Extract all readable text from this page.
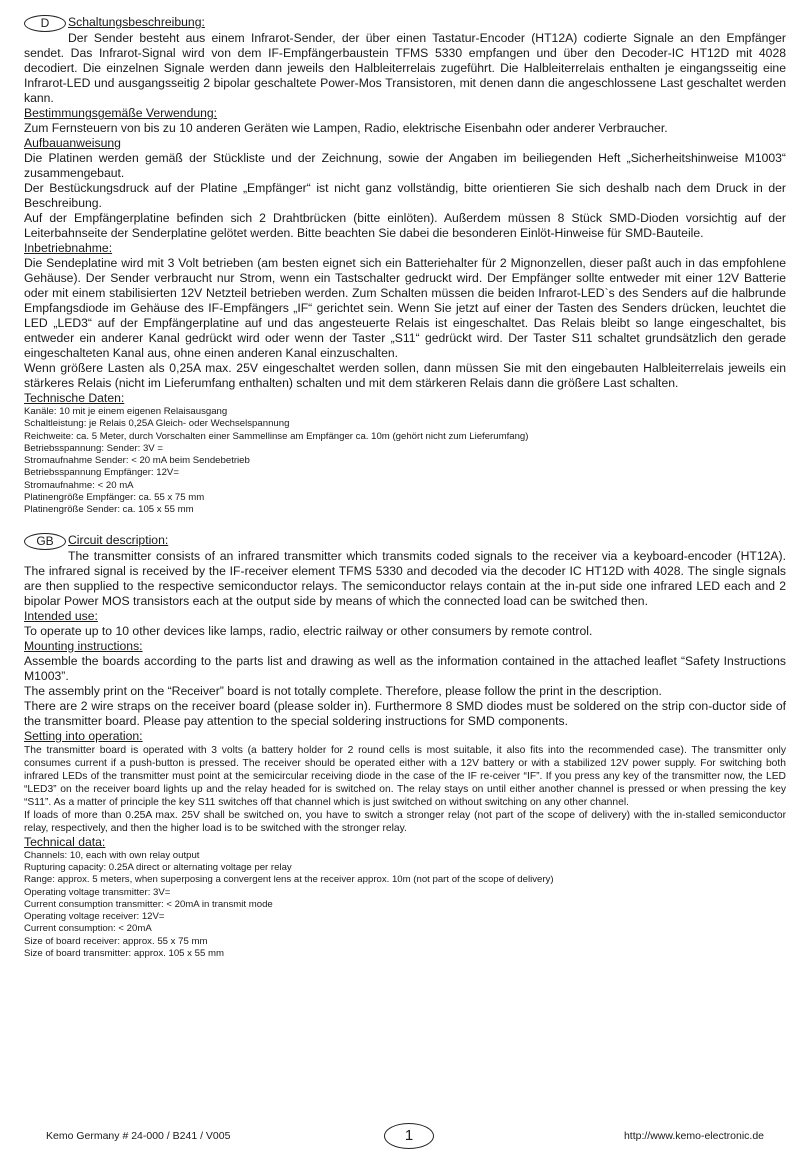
D	Schaltungsbeschreibung:

Der Sender besteht aus einem Infrarot-Sender, der über einen Tastatur-Encoder (HT12A) codierte Signale an den Empfänger sendet. Das Infrarot-Signal wird von dem IF-Empfängerbaustein TFMS 5330 empfangen und über den Decoder-IC HT12D mit 4028 decodiert. Die einzelnen Signale werden dann jeweils den Halbleiterrelais zugeführt. Die Halbleiterrelais enthalten je eingangsseitig eine Infrarot-LED und ausgangsseitig 2 bipolar geschaltete Power-Mos Transistoren, mit denen dann die angeschlossene Last geschaltet werden kann.

Bestimmungsgemäße Verwendung:

Zum Fernsteuern von bis zu 10 anderen Geräten wie Lampen, Radio, elektrische Eisenbahn oder anderer Verbraucher.

Aufbauanweisung

Die Platinen werden gemäß der Stückliste und der Zeichnung, sowie der Angaben im beiliegenden Heft „Sicherheitshinweise M1003“ zusammengebaut.

Der Bestückungsdruck auf der Platine „Empfänger“ ist nicht ganz vollständig, bitte orientieren Sie sich deshalb nach dem Druck in der Beschreibung.

Auf der Empfängerplatine befinden sich 2 Drahtbrücken (bitte einlöten). Außerdem müssen 8 Stück SMD-Dioden vorsichtig auf der Leiterbahnseite der Senderplatine gelötet werden. Bitte beachten Sie dabei die besonderen Einlöt-Hinweise für SMD-Bauteile.

Inbetriebnahme:

Die Sendeplatine wird mit 3 Volt betrieben (am besten eignet sich ein Batteriehalter für 2 Mignonzellen, dieser paßt auch in das empfohlene Gehäuse). Der Sender verbraucht nur Strom, wenn ein Tastschalter gedruckt wird. Der Empfänger sollte entweder mit einer 12V Batterie oder mit einem stabilisierten 12V Netzteil betrieben werden. Zum Schalten müssen die beiden Infrarot-LED`s des Senders auf die halbrunde Empfangsdiode im Gehäuse des IF-Empfängers „IF“ gerichtet sein. Wenn Sie jetzt auf einer der Tasten des Senders drücken, leuchtet die LED „LED3“ auf der Empfängerplatine auf und das angesteuerte Relais ist eingeschaltet. Das Relais bleibt so lange eingeschaltet, bis entweder ein anderer Kanal gedrückt wird oder wenn der Taster „S11“ gedrückt wird. Der Taster S11 schaltet grundsätzlich den gerade eingeschalteten Kanal aus, ohne einen anderen Kanal einzuschalten.

Wenn größere Lasten als 0,25A max. 25V eingeschaltet werden sollen, dann müssen Sie mit den eingebauten Halbleiterrelais jeweils ein stärkeres Relais (nicht im Lieferumfang enthalten) schalten und mit dem stärkeren Relais dann die größere Last schalten.

Technische Daten:
Kanäle: 10 mit je einem eigenen Relaisausgang
Schaltleistung: je Relais 0,25A Gleich- oder Wechselspannung
Reichweite: ca. 5 Meter, durch Vorschalten einer Sammellinse am Empfänger ca. 10m (gehört nicht zum Lieferumfang)
Betriebsspannung: Sender: 3V =
Stromaufnahme Sender: < 20 mA beim Sendebetrieb
Betriebsspannung Empfänger: 12V=
Stromaufnahme: < 20 mA
Platinengröße Empfänger: ca. 55 x 75 mm
Platinengröße Sender: ca. 105 x 55 mm
GB	Circuit description:

The transmitter consists of an infrared transmitter which transmits coded signals to the receiver via a keyboard-encoder (HT12A). The infrared signal is received by the IF-receiver element TFMS 5330 and decoded via the decoder IC HT12D with 4028. The single signals are then supplied to the respective semiconductor relays. The semiconductor relays contain at the in-put side one infrared LED each and 2 bipolar Power MOS transistors each at the output side by means of which the connected load can be switched then.

Intended use:

To operate up to 10 other devices like lamps, radio, electric railway or other consumers by remote control.

Mounting instructions:

Assemble the boards according to the parts list and drawing as well as the information contained in the attached leaflet “Safety Instructions M1003”.

The assembly print on the “Receiver” board is not totally complete. Therefore, please follow the print in the description.

There are 2 wire straps on the receiver board (please solder in). Furthermore 8 SMD diodes must be soldered on the strip con-ductor side of the transmitter board. Please pay attention to the special soldering instructions for SMD components.

Setting into operation:

The transmitter board is operated with 3 volts (a battery holder for 2 round cells is most suitable, it also fits into the recommended case). The transmitter only consumes current if a push-button is pressed. The receiver should be operated either with a 12V battery or with a stabilized 12V power supply. For switching both infrared LEDs of the transmitter must point at the semicircular receiving diode in the case of the IF re-ceiver “IF”. If you press any key of the transmitter now, the LED “LED3” on the receiver board lights up and the relay headed for is switched on. The relay stays on until either another channel is pressed or when pressing the key “S11”. As a matter of principle the key S11 switches off that channel which is just switched on without switching on any other channel.

If loads of more than 0.25A max. 25V shall be switched on, you have to switch a stronger relay (not part of the scope of delivery) with the in-stalled semiconductor relay, respectively, and then the higher load is to be switched with the stronger relay.

Technical data:
Channels: 10, each with own relay output
Rupturing capacity: 0.25A direct or alternating voltage per relay
Range: approx. 5 meters, when superposing a convergent lens at the receiver approx. 10m (not part of the scope of delivery)
Operating voltage transmitter: 3V=
Current consumption transmitter: < 20mA in transmit mode
Operating voltage receiver: 12V=
Current consumption: < 20mA
Size of board receiver: approx. 55 x 75 mm
Size of board transmitter: approx. 105 x 55 mm
Kemo Germany # 24-000 / B241 / V005	1	http://www.kemo-electronic.de
